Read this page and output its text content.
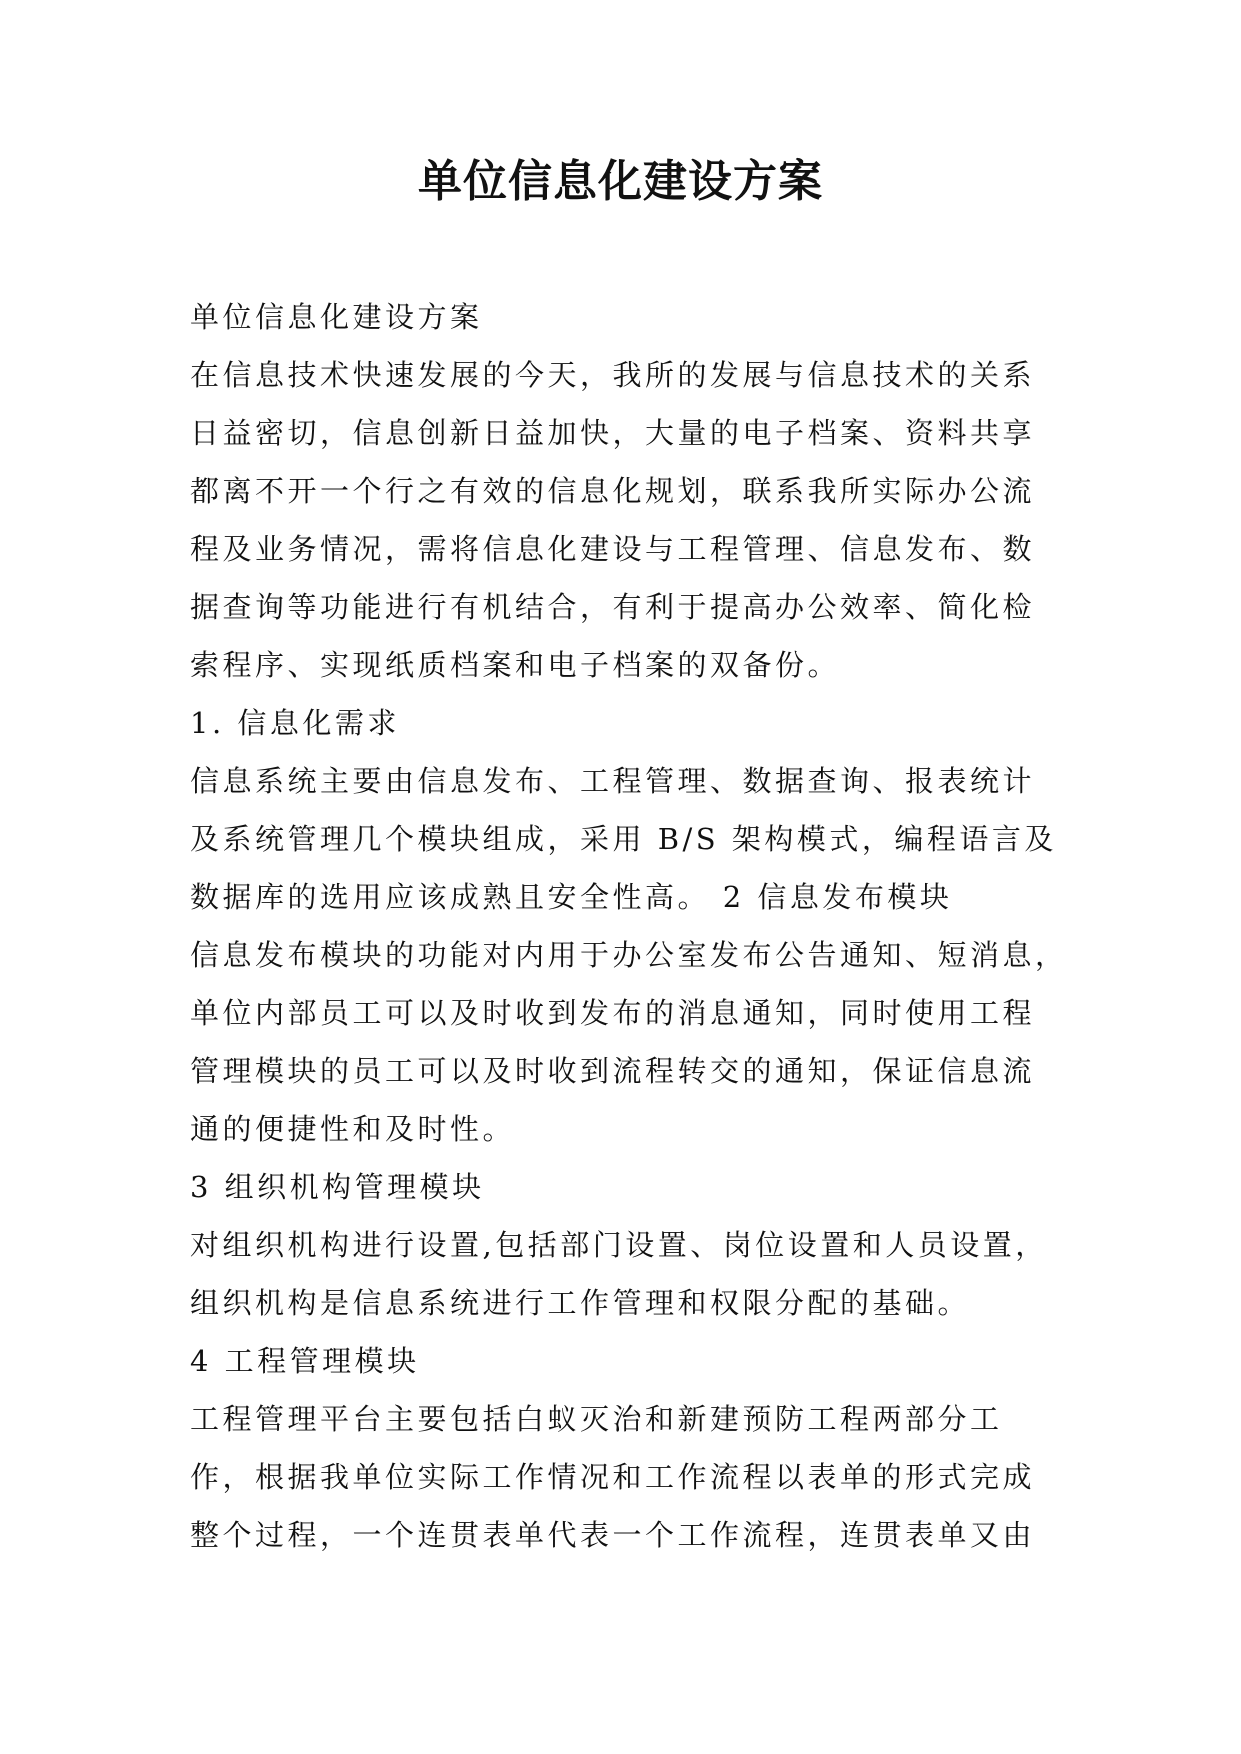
单位信息化建设方案
单位信息化建设方案
在信息技术快速发展的今天，我所的发展与信息技术的关系
日益密切，信息创新日益加快，大量的电子档案、资料共享
都离不开一个行之有效的信息化规划，联系我所实际办公流
程及业务情况，需将信息化建设与工程管理、信息发布、数
据查询等功能进行有机结合，有利于提高办公效率、简化检
索程序、实现纸质档案和电子档案的双备份。
1. 信息化需求
信息系统主要由信息发布、工程管理、数据查询、报表统计
及系统管理几个模块组成，采用 B/S 架构模式，编程语言及
数据库的选用应该成熟且安全性高。 2 信息发布模块
信息发布模块的功能对内用于办公室发布公告通知、短消息，
单位内部员工可以及时收到发布的消息通知，同时使用工程
管理模块的员工可以及时收到流程转交的通知，保证信息流
通的便捷性和及时性。
3 组织机构管理模块
对组织机构进行设置,包括部门设置、岗位设置和人员设置，
组织机构是信息系统进行工作管理和权限分配的基础。
4 工程管理模块
工程管理平台主要包括白蚁灭治和新建预防工程两部分工
作，根据我单位实际工作情况和工作流程以表单的形式完成
整个过程，一个连贯表单代表一个工作流程，连贯表单又由
